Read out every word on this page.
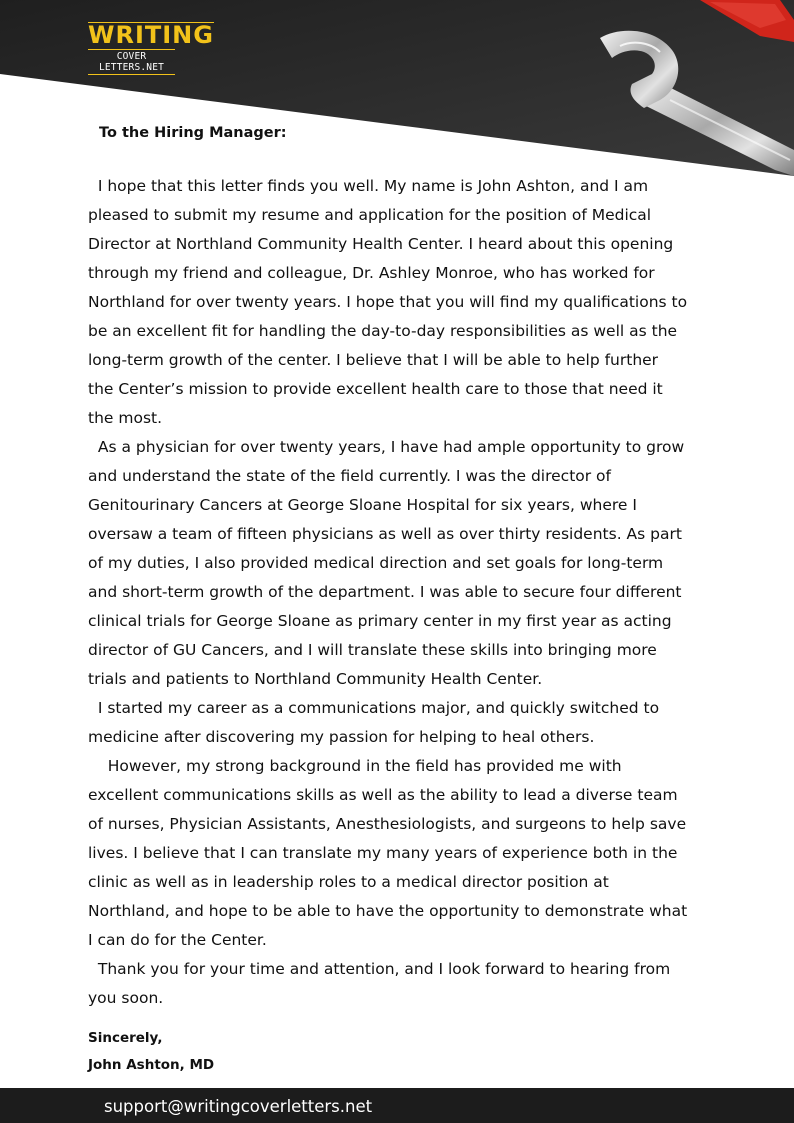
WRITING
COVER LETTERS.NET
To the Hiring Manager:

I hope that this letter finds you well. My name is John Ashton, and I am pleased to submit my resume and application for the position of Medical Director at Northland Community Health Center. I heard about this opening through my friend and colleague, Dr. Ashley Monroe, who has worked for Northland for over twenty years. I hope that you will find my qualifications to be an excellent fit for handling the day-to-day responsibilities as well as the long-term growth of the center. I believe that I will be able to help further the Center’s mission to provide excellent health care to those that need it the most.

As a physician for over twenty years, I have had ample opportunity to grow and understand the state of the field currently. I was the director of Genitourinary Cancers at George Sloane Hospital for six years, where I oversaw a team of fifteen physicians as well as over thirty residents. As part of my duties, I also provided medical direction and set goals for long-term and short-term growth of the department. I was able to secure four different clinical trials for George Sloane as primary center in my first year as acting director of GU Cancers, and I will translate these skills into bringing more trials and patients to Northland Community Health Center.

I started my career as a communications major, and quickly switched to medicine after discovering my passion for helping to heal others.

However, my strong background in the field has provided me with excellent communications skills as well as the ability to lead a diverse team of nurses, Physician Assistants, Anesthesiologists, and surgeons to help save lives. I believe that I can translate my many years of experience both in the clinic as well as in leadership roles to a medical director position at Northland, and hope to be able to have the opportunity to demonstrate what I can do for the Center.

Thank you for your time and attention, and I look forward to hearing from you soon.

Sincerely,
John Ashton, MD
support@writingcoverletters.net
